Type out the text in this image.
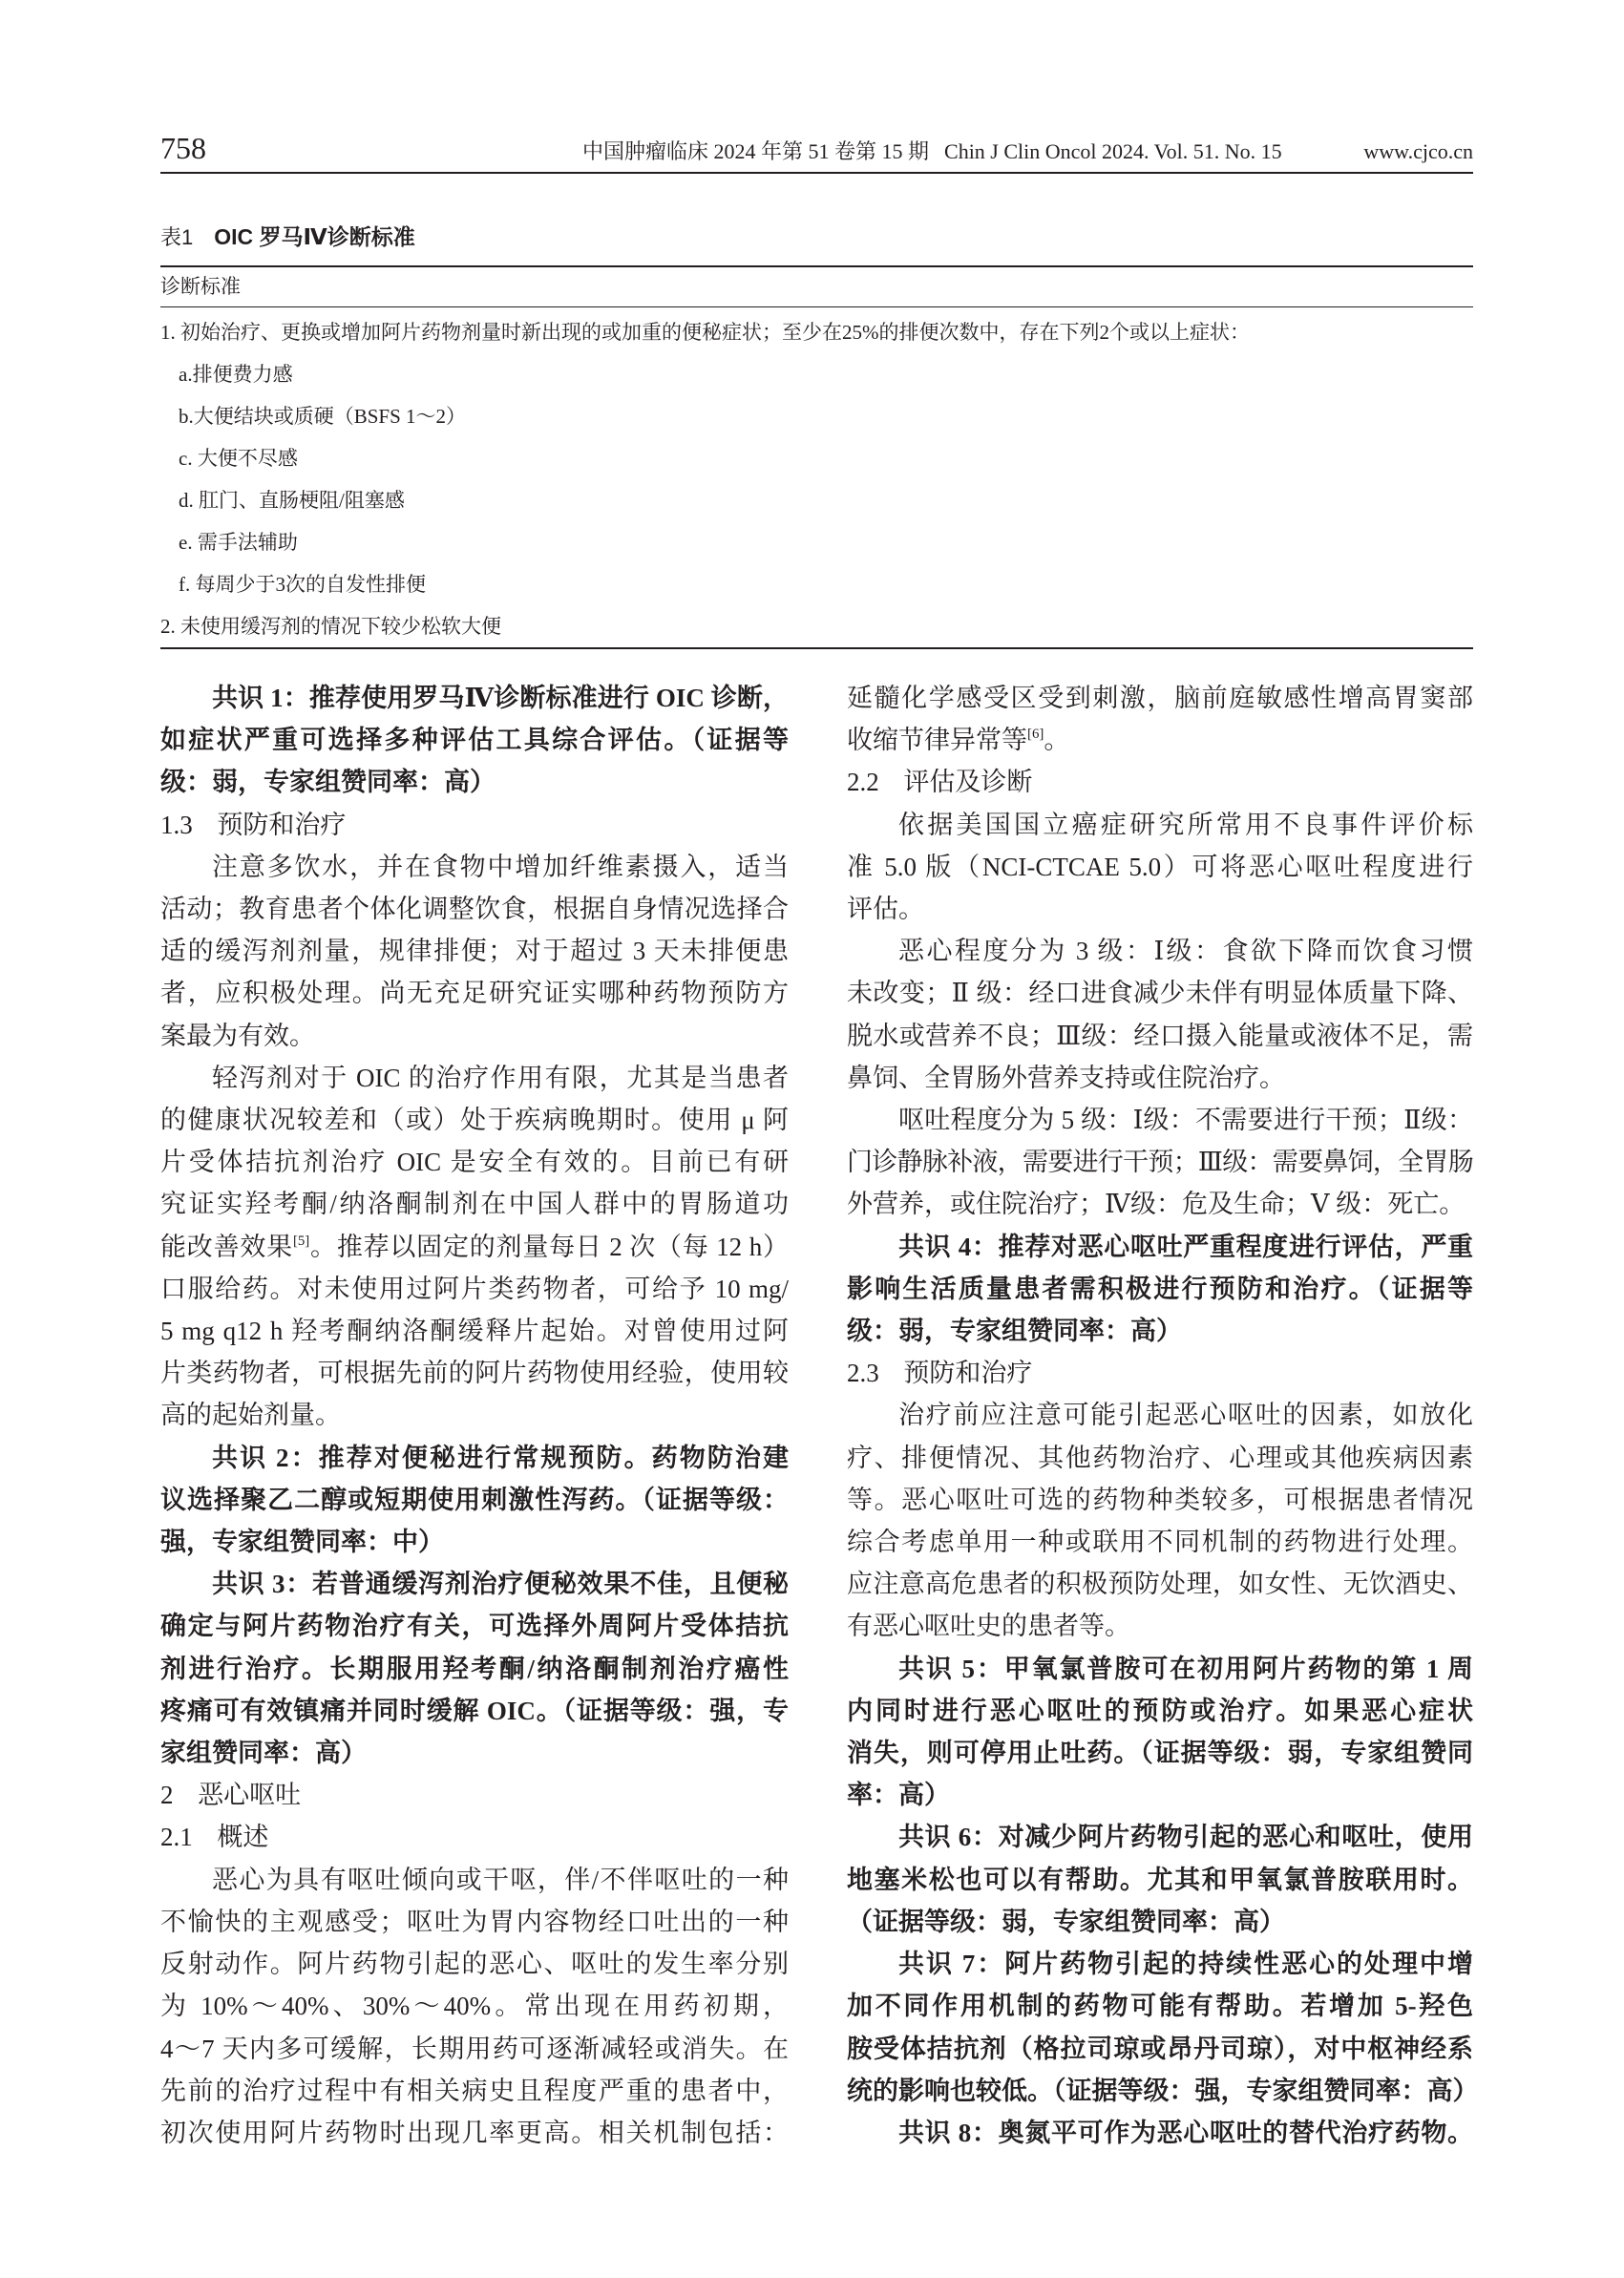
758	中国肿瘤临床 2024 年第 51 卷第 15 期 Chin J Clin Oncol 2024. Vol. 51. No. 15	www.cjco.cn
表1 OIC 罗马Ⅳ诊断标准
诊断标准
1. 初始治疗、更换或增加阿片药物剂量时新出现的或加重的便秘症状；至少在25%的排便次数中，存在下列2个或以上症状：
a.排便费力感
b.大便结块或质硬（BSFS 1～2）
c. 大便不尽感
d. 肛门、直肠梗阻/阻塞感
e. 需手法辅助
f. 每周少于3次的自发性排便
2. 未使用缓泻剂的情况下较少松软大便
共识 1：推荐使用罗马Ⅳ诊断标准进行 OIC 诊断，
如症状严重可选择多种评估工具综合评估。（证据等
级：弱，专家组赞同率：高）
1.3 预防和治疗
注意多饮水，并在食物中增加纤维素摄入，适当
活动；教育患者个体化调整饮食，根据自身情况选择合
适的缓泻剂剂量，规律排便；对于超过 3 天未排便患
者，应积极处理。尚无充足研究证实哪种药物预防方
案最为有效。
轻泻剂对于 OIC 的治疗作用有限，尤其是当患者
的健康状况较差和（或）处于疾病晚期时。使用 μ 阿
片受体拮抗剂治疗 OIC 是安全有效的。目前已有研
究证实羟考酮/纳洛酮制剂在中国人群中的胃肠道功
能改善效果[5]。推荐以固定的剂量每日 2 次（每 12 h）
口服给药。对未使用过阿片类药物者，可给予 10 mg/
5 mg q12 h 羟考酮纳洛酮缓释片起始。对曾使用过阿
片类药物者，可根据先前的阿片药物使用经验，使用较
高的起始剂量。
共识 2：推荐对便秘进行常规预防。药物防治建
议选择聚乙二醇或短期使用刺激性泻药。（证据等级：
强，专家组赞同率：中）
共识 3：若普通缓泻剂治疗便秘效果不佳，且便秘
确定与阿片药物治疗有关，可选择外周阿片受体拮抗
剂进行治疗。长期服用羟考酮/纳洛酮制剂治疗癌性
疼痛可有效镇痛并同时缓解 OIC。（证据等级：强，专
家组赞同率：高）
2 恶心呕吐
2.1 概述
恶心为具有呕吐倾向或干呕，伴/不伴呕吐的一种
不愉快的主观感受；呕吐为胃内容物经口吐出的一种
反射动作。阿片药物引起的恶心、呕吐的发生率分别
为 10%～40%、30%～40%。常出现在用药初期，
4～7 天内多可缓解，长期用药可逐渐减轻或消失。在
先前的治疗过程中有相关病史且程度严重的患者中，
初次使用阿片药物时出现几率更高。相关机制包括：
延髓化学感受区受到刺激，脑前庭敏感性增高胃窦部
收缩节律异常等[6]。
2.2 评估及诊断
依据美国国立癌症研究所常用不良事件评价标
准 5.0 版（NCI-CTCAE 5.0）可将恶心呕吐程度进行
评估。
恶心程度分为 3 级：Ⅰ级：食欲下降而饮食习惯
未改变；Ⅱ 级：经口进食减少未伴有明显体质量下降、
脱水或营养不良；Ⅲ级：经口摄入能量或液体不足，需
鼻饲、全胃肠外营养支持或住院治疗。
呕吐程度分为 5 级：Ⅰ级：不需要进行干预；Ⅱ级：
门诊静脉补液，需要进行干预；Ⅲ级：需要鼻饲，全胃肠
外营养，或住院治疗；Ⅳ级：危及生命；Ⅴ 级：死亡。
共识 4：推荐对恶心呕吐严重程度进行评估，严重
影响生活质量患者需积极进行预防和治疗。（证据等
级：弱，专家组赞同率：高）
2.3 预防和治疗
治疗前应注意可能引起恶心呕吐的因素，如放化
疗、排便情况、其他药物治疗、心理或其他疾病因素
等。恶心呕吐可选的药物种类较多，可根据患者情况
综合考虑单用一种或联用不同机制的药物进行处理。
应注意高危患者的积极预防处理，如女性、无饮酒史、
有恶心呕吐史的患者等。
共识 5：甲氧氯普胺可在初用阿片药物的第 1 周
内同时进行恶心呕吐的预防或治疗。如果恶心症状
消失，则可停用止吐药。（证据等级：弱，专家组赞同
率：高）
共识 6：对减少阿片药物引起的恶心和呕吐，使用
地塞米松也可以有帮助。尤其和甲氧氯普胺联用时。
（证据等级：弱，专家组赞同率：高）
共识 7：阿片药物引起的持续性恶心的处理中增
加不同作用机制的药物可能有帮助。若增加 5-羟色
胺受体拮抗剂（格拉司琼或昂丹司琼），对中枢神经系
统的影响也较低。（证据等级：强，专家组赞同率：高）
共识 8：奥氮平可作为恶心呕吐的替代治疗药物。
